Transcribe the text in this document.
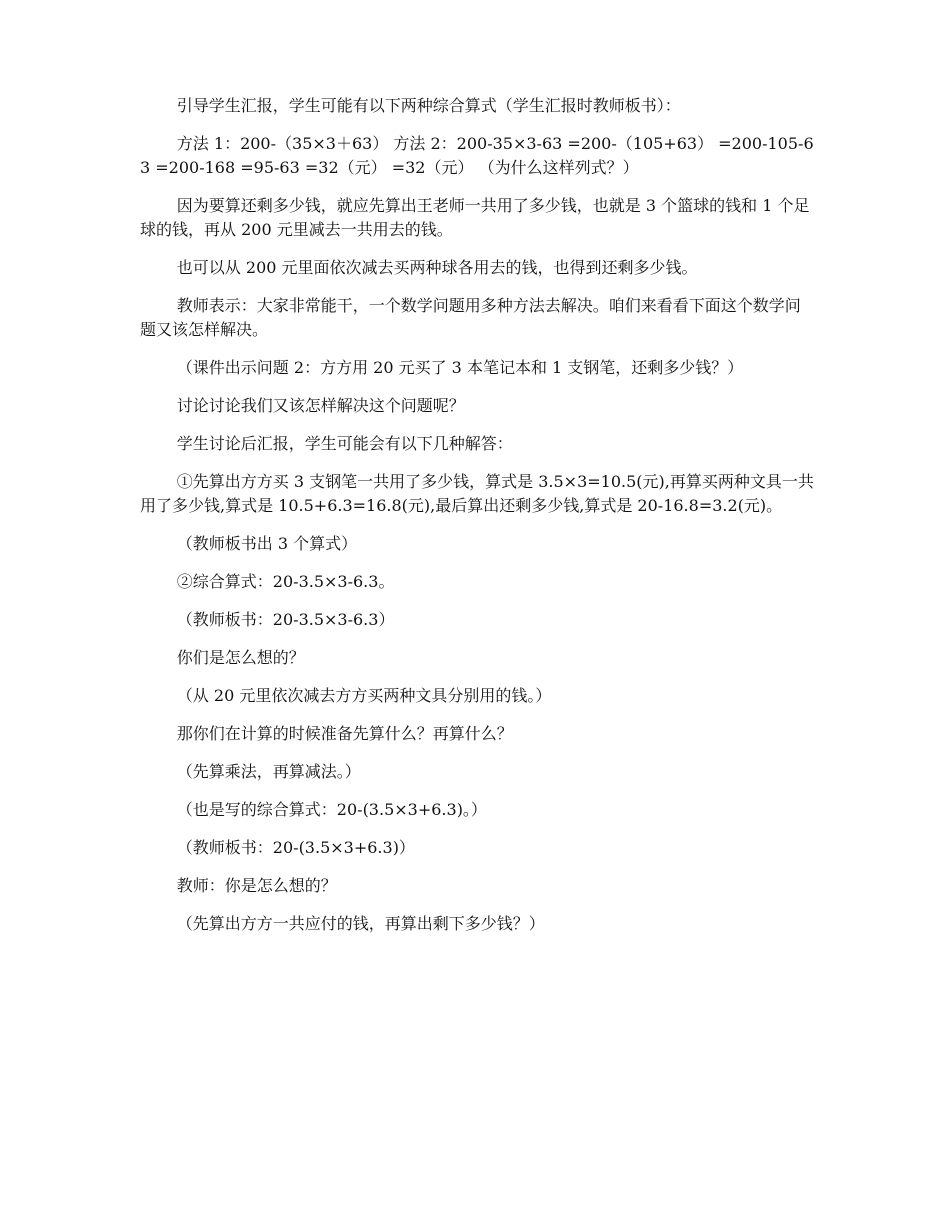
引导学生汇报，学生可能有以下两种综合算式（学生汇报时教师板书）：

方法 1：200-（35×3＋63） 方法 2：200-35×3-63 =200-（105+63） =200-105-63 =200-168 =95-63 =32（元） =32（元） （为什么这样列式？）

因为要算还剩多少钱，就应先算出王老师一共用了多少钱，也就是 3 个篮球的钱和 1 个足球的钱，再从 200 元里减去一共用去的钱。

也可以从 200 元里面依次减去买两种球各用去的钱，也得到还剩多少钱。

教师表示：大家非常能干，一个数学问题用多种方法去解决。咱们来看看下面这个数学问题又该怎样解决。

（课件出示问题 2：方方用 20 元买了 3 本笔记本和 1 支钢笔，还剩多少钱？）

讨论讨论我们又该怎样解决这个问题呢？

学生讨论后汇报，学生可能会有以下几种解答：

①先算出方方买 3 支钢笔一共用了多少钱，算式是 3.5×3=10.5(元),再算买两种文具一共用了多少钱,算式是 10.5+6.3=16.8(元),最后算出还剩多少钱,算式是 20-16.8=3.2(元)。

（教师板书出 3 个算式）

②综合算式：20-3.5×3-6.3。

（教师板书：20-3.5×3-6.3）

你们是怎么想的？

（从 20 元里依次减去方方买两种文具分别用的钱。）

那你们在计算的时候准备先算什么？再算什么？

（先算乘法，再算减法。）

（也是写的综合算式：20-(3.5×3+6.3)。）

（教师板书：20-(3.5×3+6.3)）

教师：你是怎么想的？

（先算出方方一共应付的钱，再算出剩下多少钱？）
